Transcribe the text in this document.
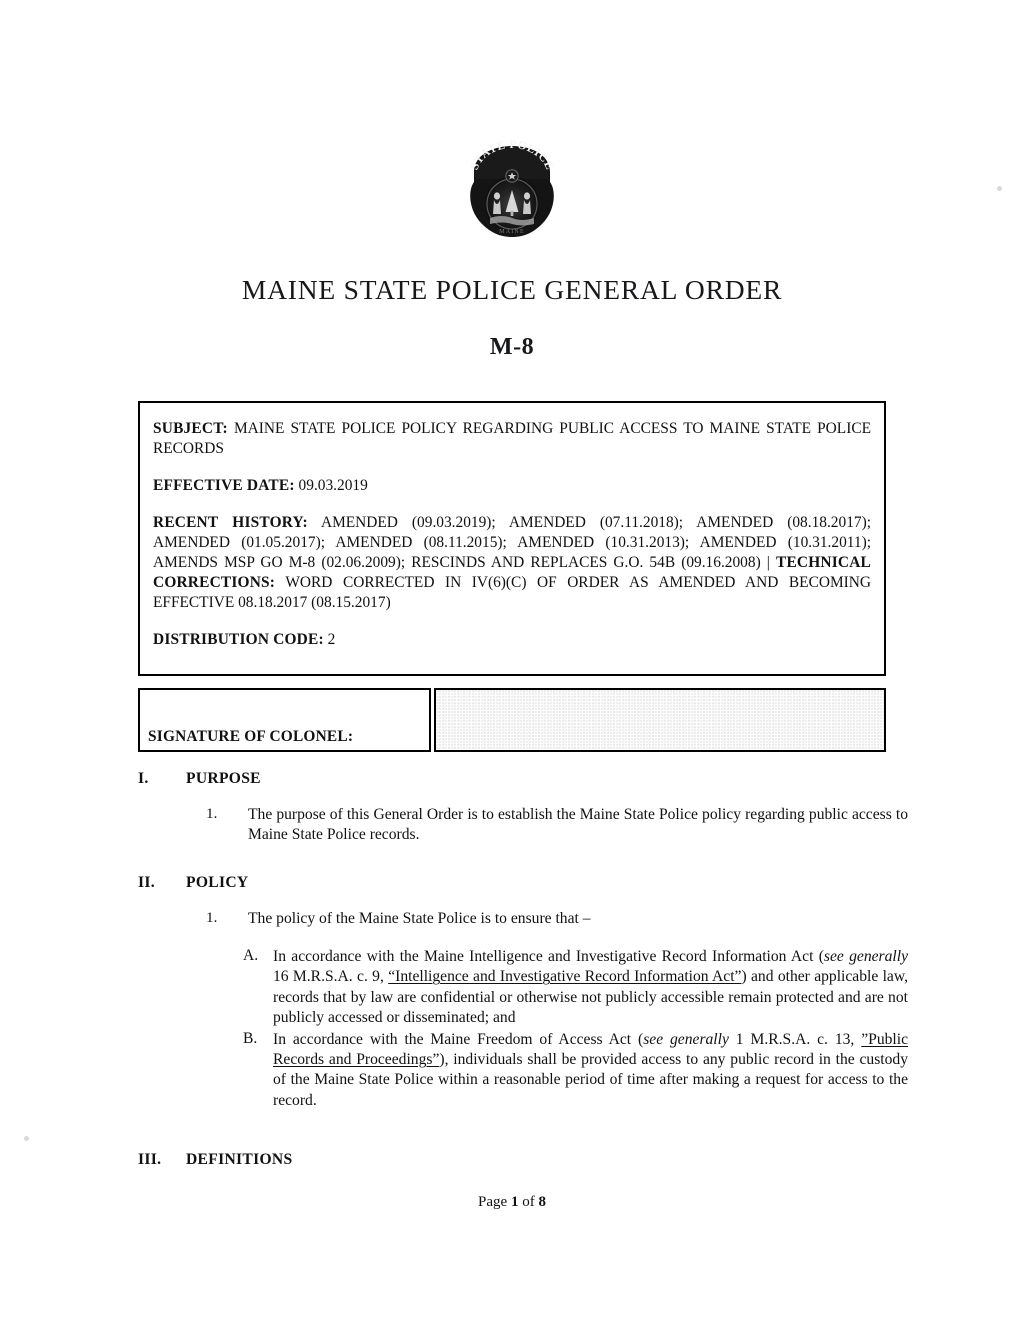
STATE POLICE
MAINE
MAINE STATE POLICE GENERAL ORDER
M-8
SUBJECT: MAINE STATE POLICE POLICY REGARDING PUBLIC ACCESS TO MAINE STATE POLICE RECORDS
EFFECTIVE DATE: 09.03.2019
RECENT HISTORY: AMENDED (09.03.2019); AMENDED (07.11.2018); AMENDED (08.18.2017); AMENDED (01.05.2017); AMENDED (08.11.2015); AMENDED (10.31.2013); AMENDED (10.31.2011); AMENDS MSP GO M-8 (02.06.2009); RESCINDS AND REPLACES G.O. 54B (09.16.2008) | TECHNICAL CORRECTIONS: WORD CORRECTED IN IV(6)(C) OF ORDER AS AMENDED AND BECOMING EFFECTIVE 08.18.2017 (08.15.2017)
DISTRIBUTION CODE: 2
SIGNATURE OF COLONEL:
I.	PURPOSE
1.	The purpose of this General Order is to establish the Maine State Police policy regarding public access to Maine State Police records.
II.	POLICY
1.	The policy of the Maine State Police is to ensure that –
A. In accordance with the Maine Intelligence and Investigative Record Information Act (see generally 16 M.R.S.A. c. 9, “Intelligence and Investigative Record Information Act”) and other applicable law, records that by law are confidential or otherwise not publicly accessible remain protected and are not publicly accessed or disseminated; and
B.	In accordance with the Maine Freedom of Access Act (see generally 1 M.R.S.A. c. 13, ”Public Records and Proceedings”), individuals shall be provided access to any public record in the custody of the Maine State Police within a reasonable period of time after making a request for access to the record.
III.	DEFINITIONS
Page 1 of 8
